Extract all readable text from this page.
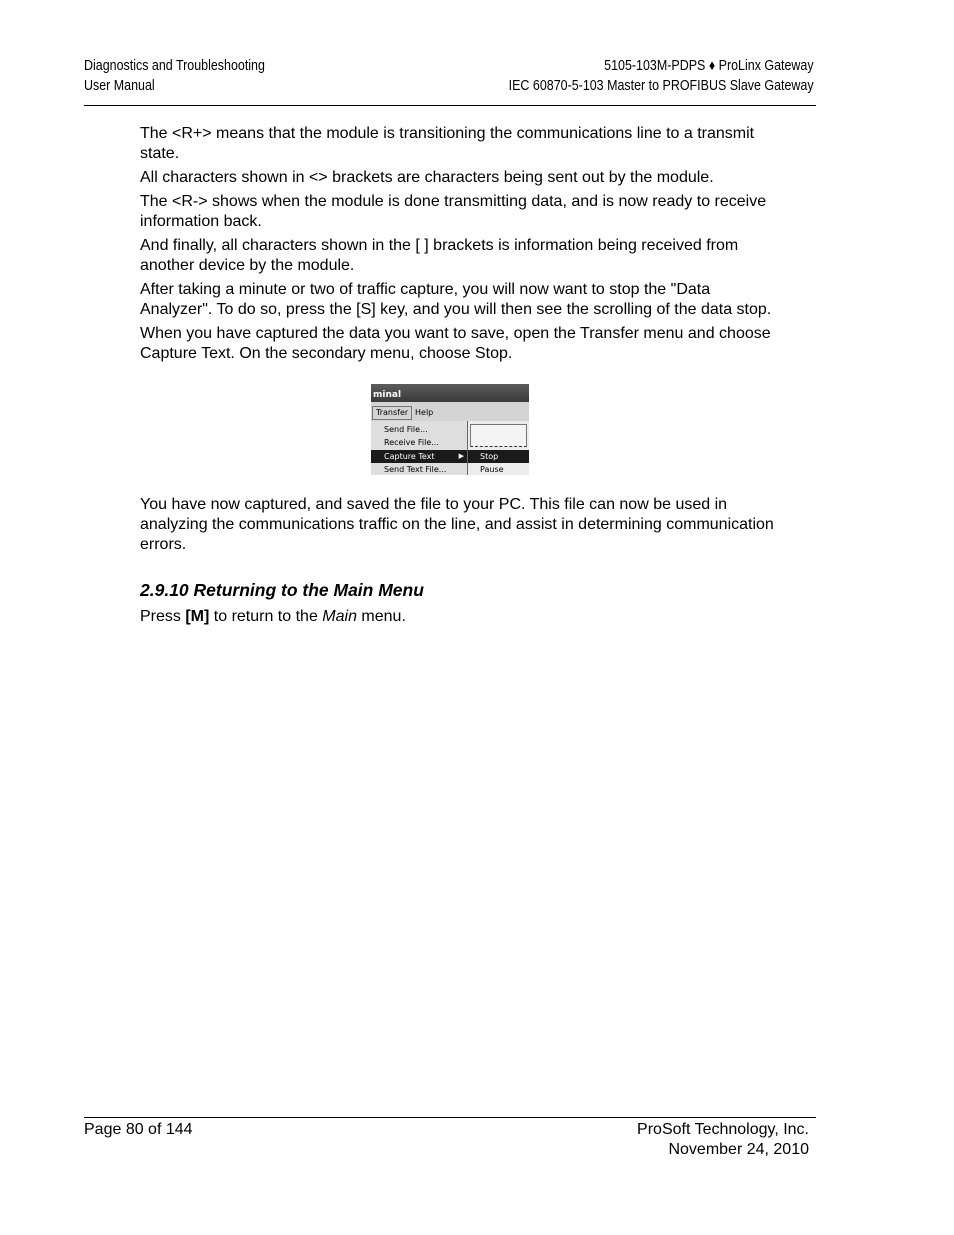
Diagnostics and Troubleshooting
User Manual
5105-103M-PDPS ♦ ProLinx Gateway
IEC 60870-5-103 Master to PROFIBUS Slave Gateway

The <R+> means that the module is transitioning the communications line to a transmit state.

All characters shown in <> brackets are characters being sent out by the module.

The <R-> shows when the module is done transmitting data, and is now ready to receive information back.

And finally, all characters shown in the [ ] brackets is information being received from another device by the module.

After taking a minute or two of traffic capture, you will now want to stop the "Data Analyzer". To do so, press the [S] key, and you will then see the scrolling of the data stop.

When you have captured the data you want to save, open the Transfer menu and choose Capture Text. On the secondary menu, choose Stop.

minal
Transfer Help
Send File...
Receive File...
Capture Text	▶
Send Text File...
Stop
Pause

You have now captured, and saved the file to your PC. This file can now be used in analyzing the communications traffic on the line, and assist in determining communication errors.

2.9.10 Returning to the Main Menu

Press [M] to return to the Main menu.

Page 80 of 144	ProSoft Technology, Inc.
November 24, 2010
